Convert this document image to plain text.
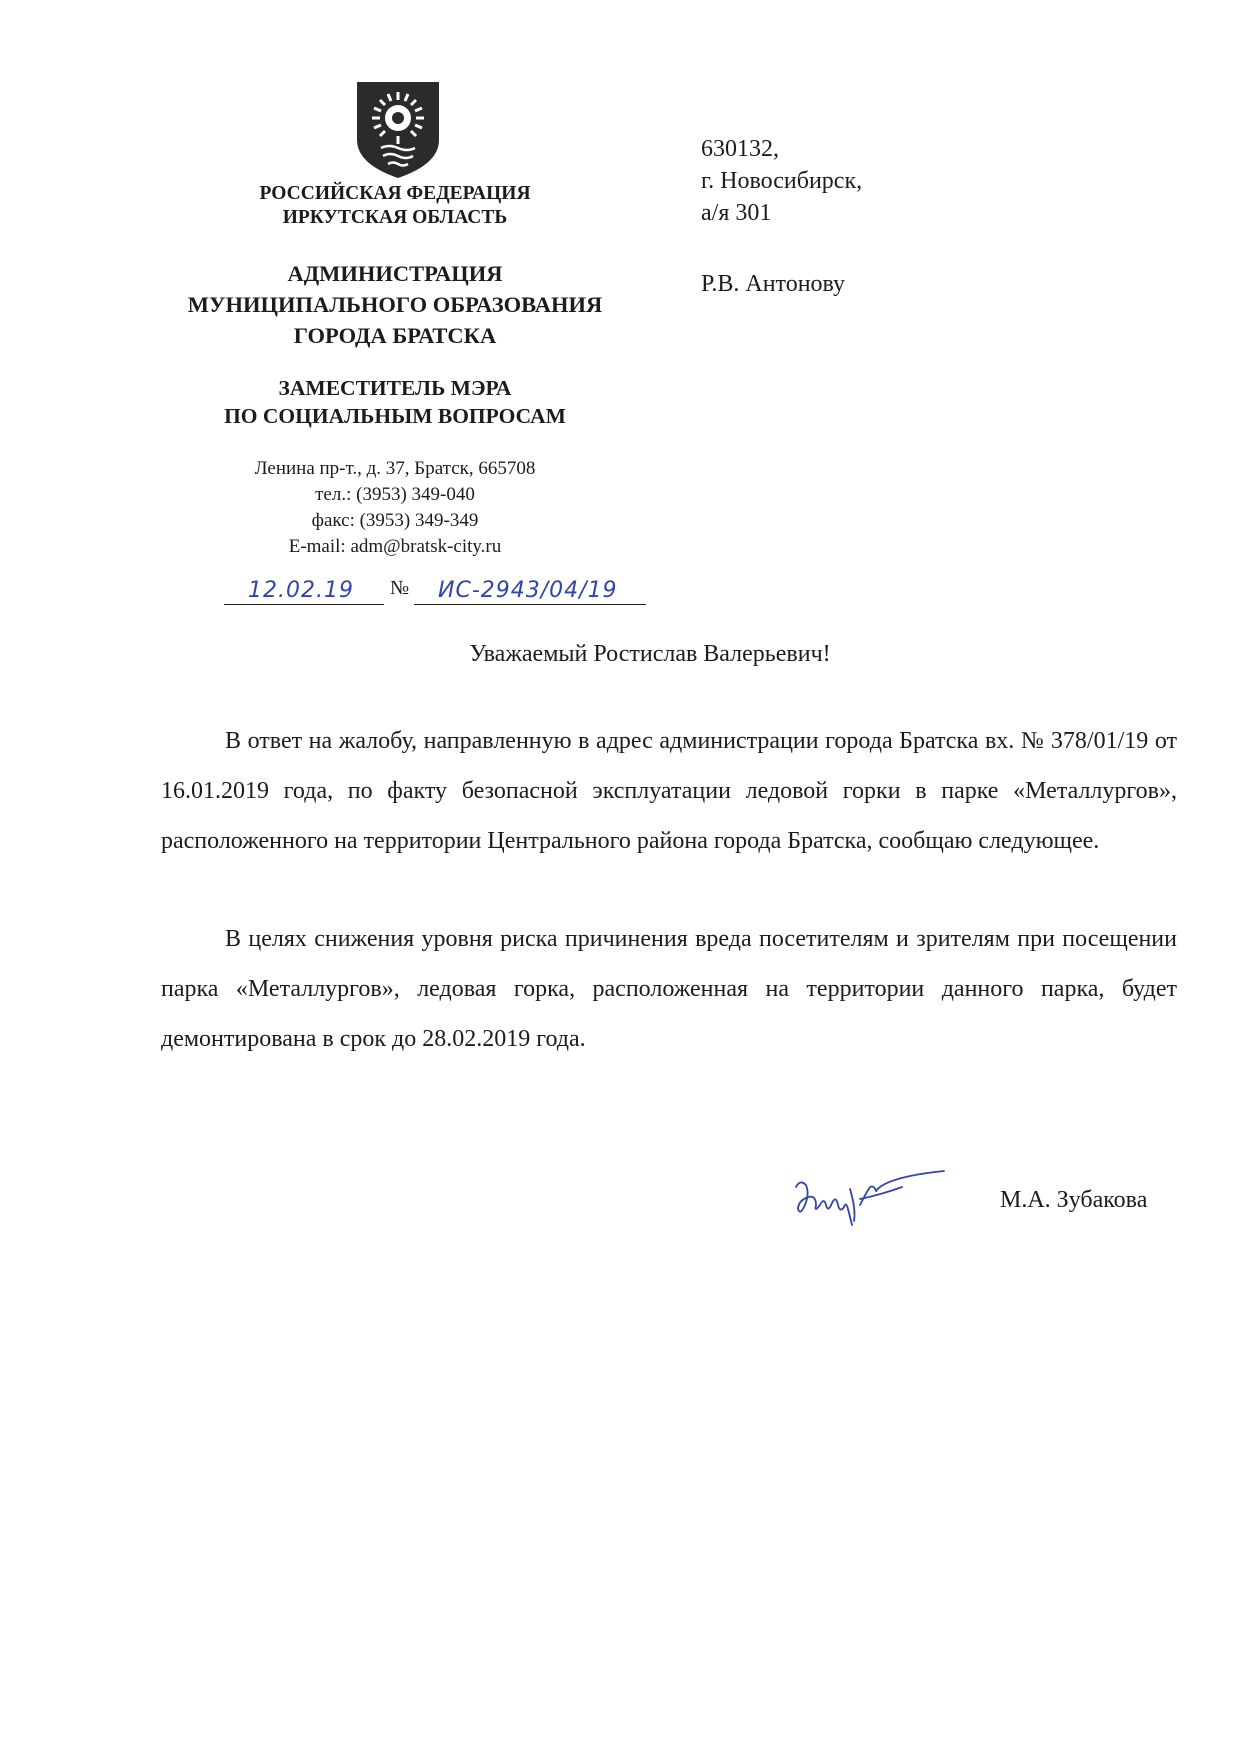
РОССИЙСКАЯ ФЕДЕРАЦИЯ
ИРКУТСКАЯ ОБЛАСТЬ
АДМИНИСТРАЦИЯ
МУНИЦИПАЛЬНОГО ОБРАЗОВАНИЯ
ГОРОДА БРАТСКА
ЗАМЕСТИТЕЛЬ МЭРА
ПО СОЦИАЛЬНЫМ ВОПРОСАМ
Ленина пр-т., д. 37, Братск, 665708
тел.: (3953) 349-040
факс: (3953) 349-349
E-mail: adm@bratsk-city.ru
12.02.19 №	ИС-2943/04/19
630132,
г. Новосибирск,
а/я 301
Р.В. Антонову
Уважаемый Ростислав Валерьевич!

В ответ на жалобу, направленную в адрес администрации города Братска вх. № 378/01/19 от 16.01.2019 года, по факту безопасной эксплуатации ледовой горки в парке «Металлургов», расположенного на территории Центрального района города Братска, сообщаю следующее.

В целях снижения уровня риска причинения вреда посетителям и зрителям при посещении парка «Металлургов», ледовая горка, расположенная на территории данного парка, будет демонтирована в срок до 28.02.2019 года.

М.А. Зубакова
